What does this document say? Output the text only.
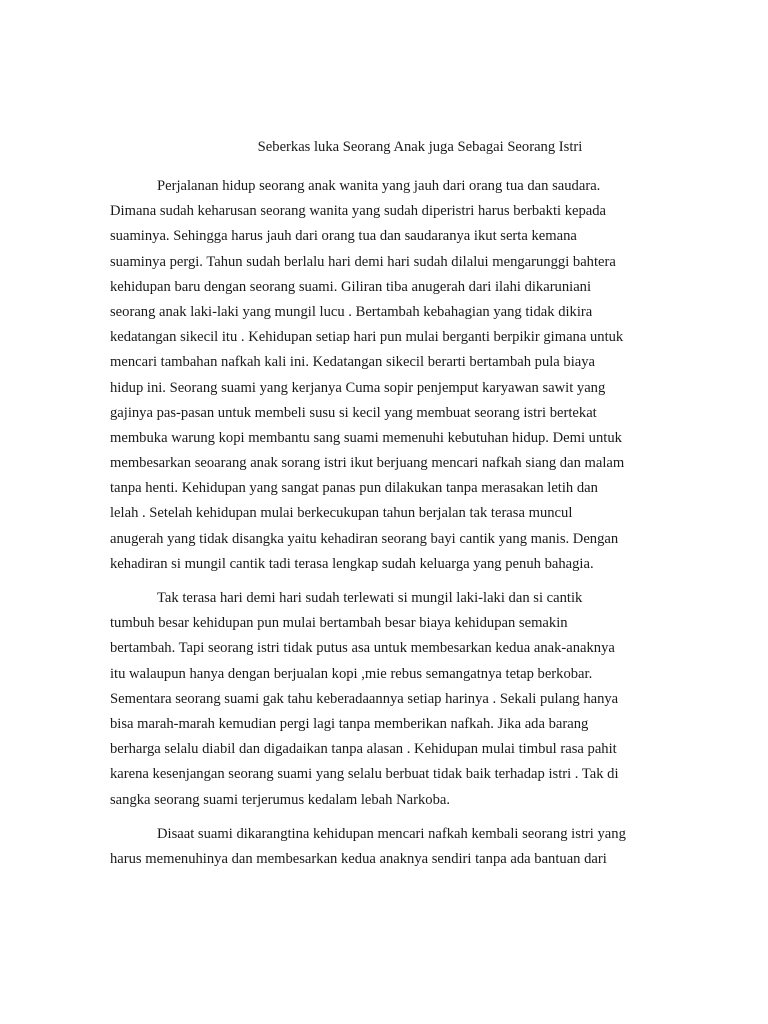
Seberkas luka Seorang Anak juga Sebagai Seorang Istri
Perjalanan hidup seorang anak wanita yang jauh dari orang tua dan saudara.
Dimana sudah keharusan seorang wanita yang sudah diperistri harus berbakti kepada
suaminya. Sehingga harus jauh dari orang tua dan saudaranya ikut serta kemana
suaminya pergi. Tahun sudah berlalu hari demi hari sudah dilalui mengarunggi bahtera
kehidupan baru dengan seorang suami. Giliran tiba anugerah dari ilahi dikaruniani
seorang anak laki-laki yang mungil lucu . Bertambah kebahagian yang tidak dikira
kedatangan sikecil itu . Kehidupan setiap hari pun mulai berganti berpikir gimana untuk
mencari tambahan nafkah kali ini. Kedatangan sikecil berarti bertambah pula biaya
hidup ini. Seorang suami yang kerjanya Cuma sopir penjemput karyawan sawit yang
gajinya pas-pasan untuk membeli susu si kecil yang membuat seorang istri bertekat
membuka warung kopi membantu sang suami memenuhi kebutuhan hidup. Demi untuk
membesarkan seoarang anak sorang istri ikut berjuang mencari nafkah siang dan malam
tanpa henti. Kehidupan yang sangat panas pun dilakukan tanpa merasakan letih dan
lelah . Setelah kehidupan mulai berkecukupan tahun berjalan tak terasa muncul
anugerah yang tidak disangka yaitu kehadiran seorang bayi cantik yang manis. Dengan
kehadiran si mungil cantik tadi terasa lengkap sudah keluarga yang penuh bahagia.
Tak terasa hari demi hari sudah terlewati si mungil laki-laki dan si cantik
tumbuh besar kehidupan pun mulai bertambah besar biaya kehidupan semakin
bertambah. Tapi seorang istri tidak putus asa untuk membesarkan kedua anak-anaknya
itu walaupun hanya dengan berjualan kopi ,mie rebus semangatnya tetap berkobar.
Sementara seorang suami gak tahu keberadaannya setiap harinya . Sekali pulang hanya
bisa marah-marah kemudian pergi lagi tanpa memberikan nafkah. Jika ada barang
berharga selalu diabil dan digadaikan tanpa alasan . Kehidupan mulai timbul rasa pahit
karena kesenjangan seorang suami yang selalu berbuat tidak baik terhadap istri . Tak di
sangka seorang suami terjerumus kedalam lebah Narkoba.
Disaat suami dikarangtina kehidupan mencari nafkah kembali seorang istri yang
harus memenuhinya dan membesarkan kedua anaknya sendiri tanpa ada bantuan dari
